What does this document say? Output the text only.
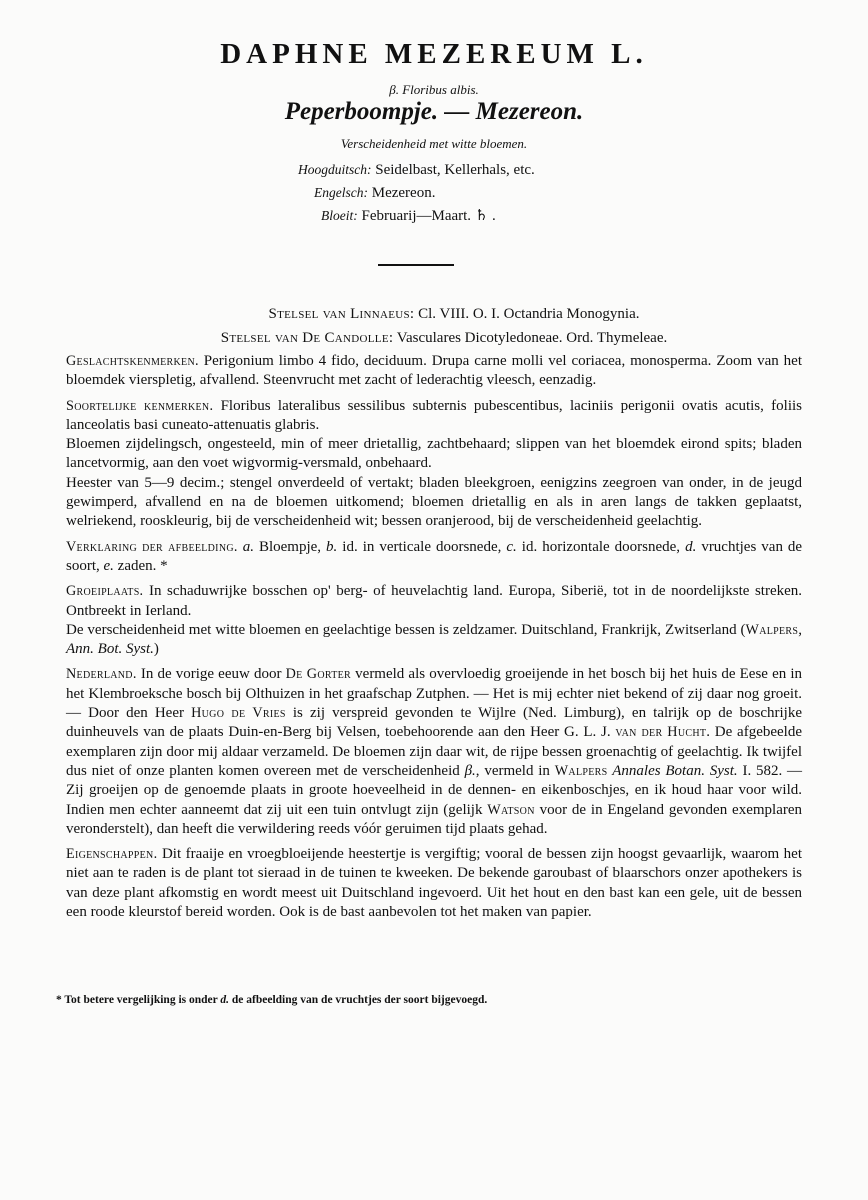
DAPHNE MEZEREUM L.
β. Floribus albis.
Peperboompje. — Mezereon.
Verscheidenheid met witte bloemen.
Hoogduitsch: Seidelbast, Kellerhals, etc.
Engelsch: Mezereon.
Bloeit: Februarij—Maart. ♄ .
Stelsel van Linnaeus: Cl. VIII. O. I. Octandria Monogynia.
Stelsel van De Candolle: Vasculares Dicotyledoneae. Ord. Thymeleae.

Geslachtskenmerken. Perigonium limbo 4 fido, deciduum. Drupa carne molli vel coriacea, monosperma. Zoom van het bloemdek vierspletig, afvallend. Steenvrucht met zacht of lederachtig vleesch, eenzadig.

Soortelijke kenmerken. Floribus lateralibus sessilibus subternis pubescentibus, laciniis perigonii ovatis acutis, foliis lanceolatis basi cuneato-attenuatis glabris.

Bloemen zijdelingsch, ongesteeld, min of meer drietallig, zachtbehaard; slippen van het bloemdek eirond spits; bladen lancetvormig, aan den voet wigvormig-versmald, onbehaard.

Heester van 5—9 decim.; stengel onverdeeld of vertakt; bladen bleekgroen, eenigzins zeegroen van onder, in de jeugd gewimperd, afvallend en na de bloemen uitkomend; bloemen drietallig en als in aren langs de takken geplaatst, welriekend, rooskleurig, bij de verscheidenheid wit; bessen oranjerood, bij de verscheidenheid geelachtig.

Verklaring der afbeelding. a. Bloempje, b. id. in verticale doorsnede, c. id. horizontale doorsnede, d. vruchtjes van de soort, e. zaden. *

Groeiplaats. In schaduwrijke bosschen op' berg- of heuvelachtig land. Europa, Siberië, tot in de noordelijkste streken. Ontbreekt in Ierland.

De verscheidenheid met witte bloemen en geelachtige bessen is zeldzamer. Duitschland, Frankrijk, Zwitserland (Walpers, Ann. Bot. Syst.)

Nederland. In de vorige eeuw door De Gorter vermeld als overvloedig groeijende in het bosch bij het huis de Eese en in het Klembroeksche bosch bij Olthuizen in het graafschap Zutphen. — Het is mij echter niet bekend of zij daar nog groeit. — Door den Heer Hugo de Vries is zij verspreid gevonden te Wijlre (Ned. Limburg), en talrijk op de boschrijke duinheuvels van de plaats Duin-en-Berg bij Velsen, toebehoorende aan den Heer G. L. J. van der Hucht. De afgebeelde exemplaren zijn door mij aldaar verzameld. De bloemen zijn daar wit, de rijpe bessen groenachtig of geelachtig. Ik twijfel dus niet of onze planten komen overeen met de verscheidenheid β., vermeld in Walpers Annales Botan. Syst. I. 582. — Zij groeijen op de genoemde plaats in groote hoeveelheid in de dennen- en eikenboschjes, en ik houd haar voor wild. Indien men echter aanneemt dat zij uit een tuin ontvlugt zijn (gelijk Watson voor de in Engeland gevonden exemplaren veronderstelt), dan heeft die verwildering reeds vóór geruimen tijd plaats gehad.

Eigenschappen. Dit fraaije en vroegbloeijende heestertje is vergiftig; vooral de bessen zijn hoogst gevaarlijk, waarom het niet aan te raden is de plant tot sieraad in de tuinen te kweeken. De bekende garoubast of blaarschors onzer apothekers is van deze plant afkomstig en wordt meest uit Duitschland ingevoerd. Uit het hout en den bast kan een gele, uit de bessen een roode kleurstof bereid worden. Ook is de bast aanbevolen tot het maken van papier.

* Tot betere vergelijking is onder d. de afbeelding van de vruchtjes der soort bijgevoegd.
